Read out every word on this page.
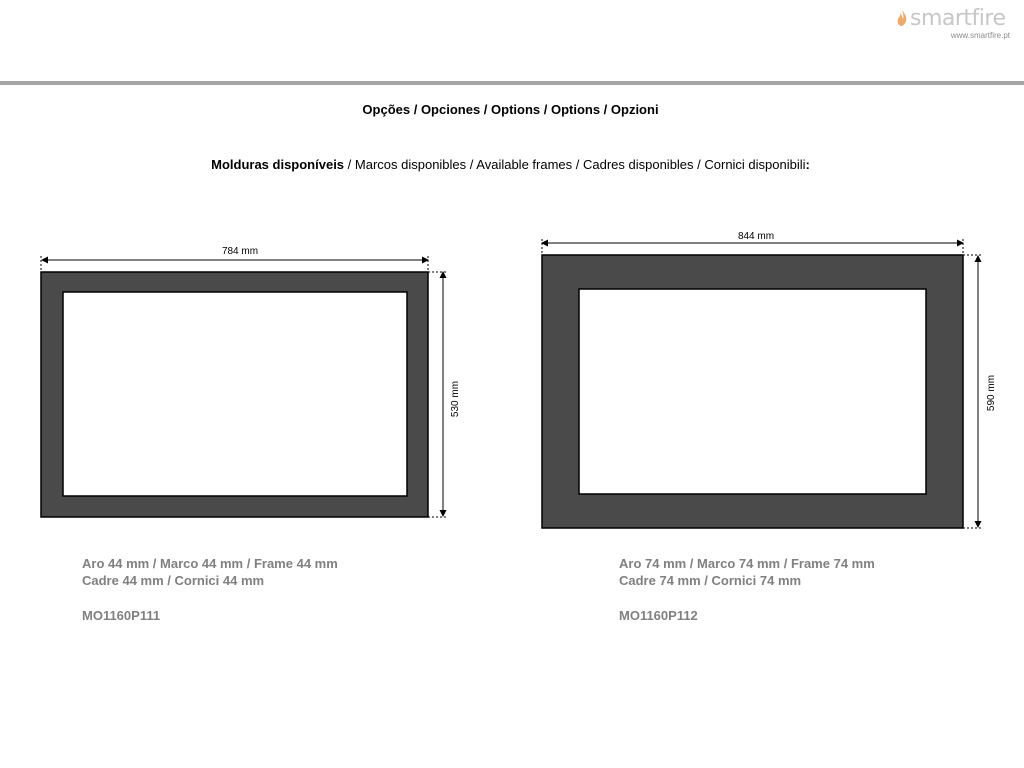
smartfire
www.smartfire.pt
Opções / Opciones / Options / Options / Opzioni
Molduras disponíveis / Marcos disponibles / Available frames / Cadres disponibles / Cornici disponibili:
784 mm
530 mm
844 mm
590 mm
Aro 44 mm / Marco 44 mm / Frame 44 mm
Cadre 44 mm / Cornici 44 mm
MO1160P111
Aro 74 mm / Marco 74 mm / Frame 74 mm
Cadre 74 mm / Cornici 74 mm
MO1160P112
